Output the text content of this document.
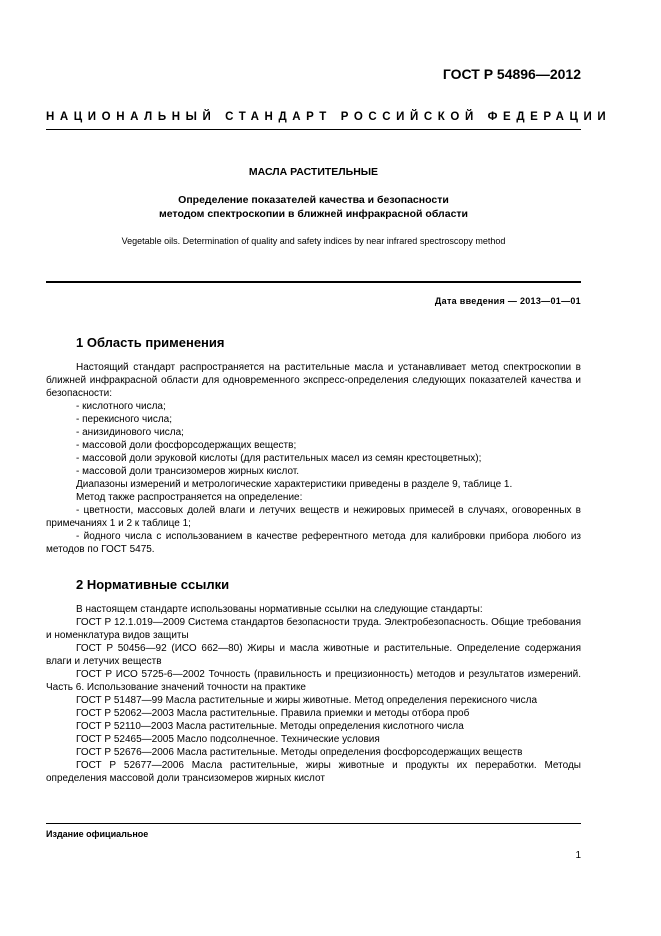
ГОСТ Р 54896—2012
НАЦИОНАЛЬНЫЙ СТАНДАРТ РОССИЙСКОЙ ФЕДЕРАЦИИ
МАСЛА РАСТИТЕЛЬНЫЕ
Определение показателей качества и безопасности
методом спектроскопии в ближней инфракрасной области
Vegetable oils. Determination of quality and safety indices by near infrared spectroscopy method
Дата введения — 2013—01—01
1 Область применения

Настоящий стандарт распространяется на растительные масла и устанавливает метод спектроскопии в ближней инфракрасной области для одновременного экспресс-определения следующих показателей качества и безопасности:

- кислотного числа;

- перекисного числа;

- анизидинового числа;

- массовой доли фосфорсодержащих веществ;

- массовой доли эруковой кислоты (для растительных масел из семян крестоцветных);

- массовой доли трансизомеров жирных кислот.

Диапазоны измерений и метрологические характеристики приведены в разделе 9, таблице 1.

Метод также распространяется на определение:

- цветности, массовых долей влаги и летучих веществ и нежировых примесей в случаях, оговоренных в примечаниях 1 и 2 к таблице 1;

- йодного числа с использованием в качестве референтного метода для калибровки прибора любого из методов по ГОСТ 5475.

2 Нормативные ссылки

В настоящем стандарте использованы нормативные ссылки на следующие стандарты:

ГОСТ Р 12.1.019—2009 Система стандартов безопасности труда. Электробезопасность. Общие требования и номенклатура видов защиты

ГОСТ Р 50456—92 (ИСО 662—80) Жиры и масла животные и растительные. Определение содержания влаги и летучих веществ

ГОСТ Р ИСО 5725-6—2002 Точность (правильность и прецизионность) методов и результатов измерений. Часть 6. Использование значений точности на практике

ГОСТ Р 51487—99 Масла растительные и жиры животные. Метод определения перекисного числа

ГОСТ Р 52062—2003 Масла растительные. Правила приемки и методы отбора проб

ГОСТ Р 52110—2003 Масла растительные. Методы определения кислотного числа

ГОСТ Р 52465—2005 Масло подсолнечное. Технические условия

ГОСТ Р 52676—2006 Масла растительные. Методы определения фосфорсодержащих веществ

ГОСТ Р 52677—2006 Масла растительные, жиры животные и продукты их переработки. Методы определения массовой доли трансизомеров жирных кислот

Издание официальное
1
